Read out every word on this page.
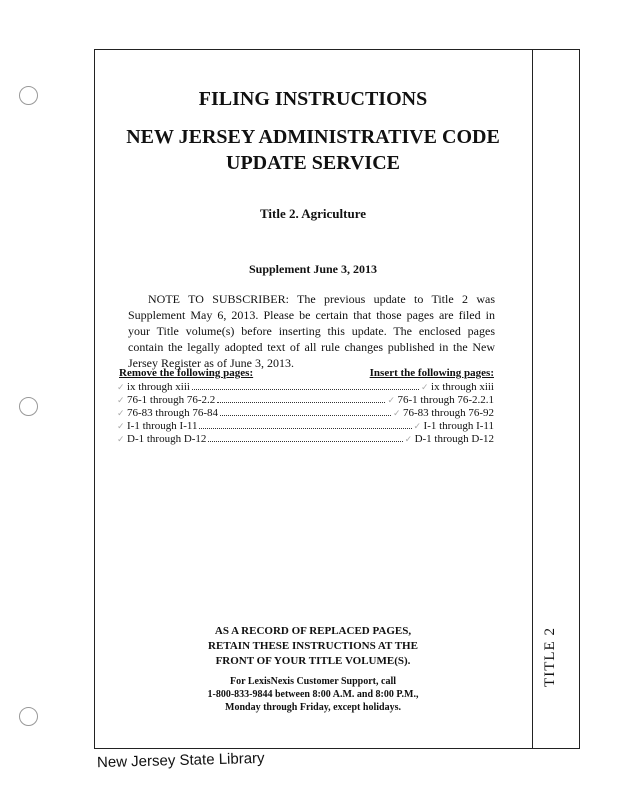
TITLE 2
FILING INSTRUCTIONS
NEW JERSEY ADMINISTRATIVE CODE
UPDATE SERVICE
Title 2. Agriculture
Supplement June 3, 2013
NOTE TO SUBSCRIBER: The previous update to Title 2 was Supplement May 6, 2013. Please be certain that those pages are filed in your Title volume(s) before inserting this update. The enclosed pages contain the legally adopted text of all rule changes published in the New Jersey Register as of June 3, 2013.
Remove the following pages:	Insert the following pages:
✓ ix through xiii	✓ ix through xiii
✓ 76-1 through 76-2.2	✓ 76-1 through 76-2.2.1
✓ 76-83 through 76-84	✓ 76-83 through 76-92
✓ I-1 through I-11	✓ I-1 through I-11
✓ D-1 through D-12	✓ D-1 through D-12
AS A RECORD OF REPLACED PAGES,
RETAIN THESE INSTRUCTIONS AT THE
FRONT OF YOUR TITLE VOLUME(S).
For LexisNexis Customer Support, call
1-800-833-9844 between 8:00 A.M. and 8:00 P.M.,
Monday through Friday, except holidays.
New Jersey State Library
